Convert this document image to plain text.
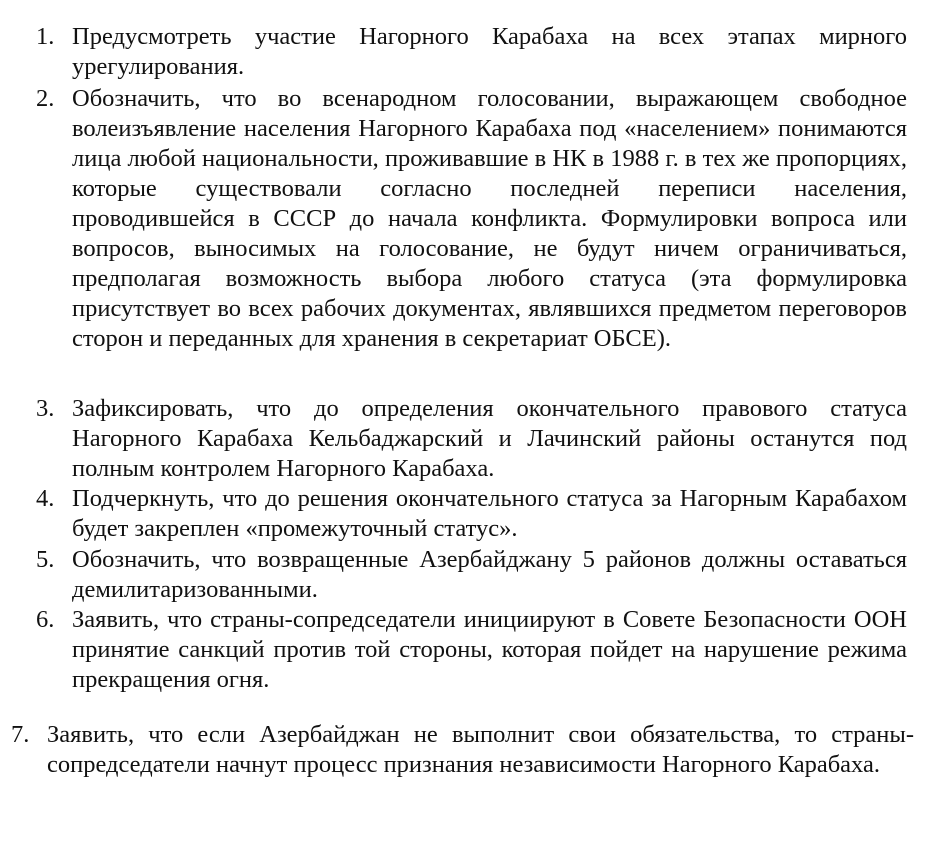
1. Предусмотреть участие Нагорного Карабаха на всех этапах мирного урегулирования.
2. Обозначить, что во всенародном голосовании, выражающем свободное волеизъявление населения Нагорного Карабаха под «населением» понимаются лица любой национальности, проживавшие в НК в 1988 г. в тех же пропорциях, которые существовали согласно последней переписи населения, проводившейся в СССР до начала конфликта. Формулировки вопроса или вопросов, выносимых на голосование, не будут ничем ограничиваться, предполагая возможность выбора любого статуса (эта формулировка присутствует во всех рабочих документах, являвшихся предметом переговоров сторон и переданных для хранения в секретариат ОБСЕ).
3. Зафиксировать, что до определения окончательного правового статуса Нагорного Карабаха Кельбаджарский и Лачинский районы останутся под полным контролем Нагорного Карабаха.
4. Подчеркнуть, что до решения окончательного статуса за Нагорным Карабахом будет закреплен «промежуточный статус».
5. Обозначить, что возвращенные Азербайджану 5 районов должны оставаться демилитаризованными.
6. Заявить, что страны-сопредседатели инициируют в Совете Безопасности ООН принятие санкций против той стороны, которая пойдет на нарушение режима прекращения огня.
7. Заявить, что если Азербайджан не выполнит свои обязательства, то страны-сопредседатели начнут процесс признания независимости Нагорного Карабаха.
